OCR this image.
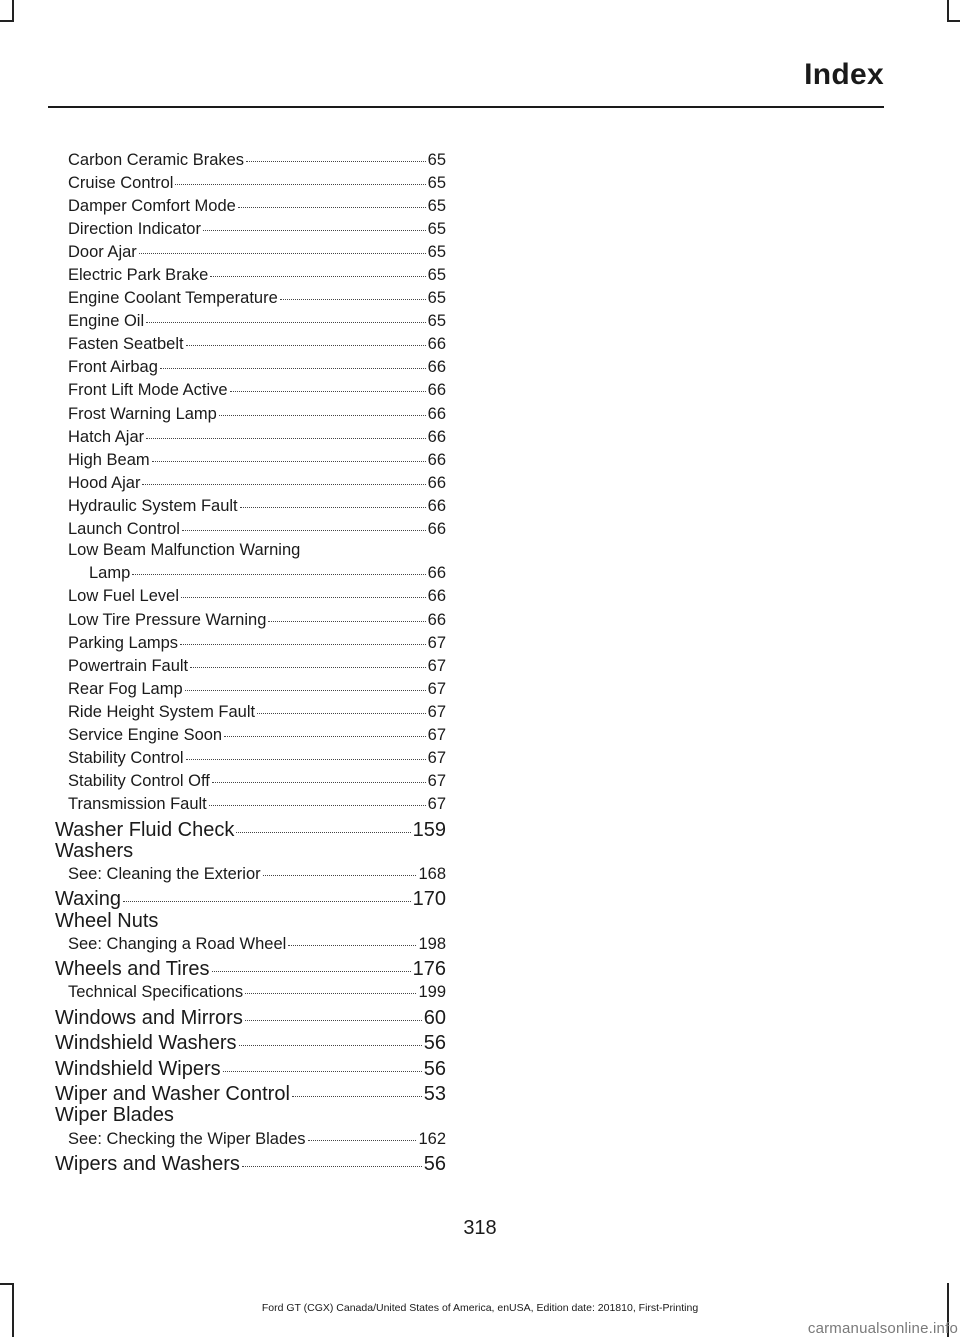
Index
Carbon Ceramic Brakes	65
Cruise Control	65
Damper Comfort Mode	65
Direction Indicator	65
Door Ajar	65
Electric Park Brake	65
Engine Coolant Temperature	65
Engine Oil	65
Fasten Seatbelt	66
Front Airbag	66
Front Lift Mode Active	66
Frost Warning Lamp	66
Hatch Ajar	66
High Beam	66
Hood Ajar	66
Hydraulic System Fault	66
Launch Control	66
Low Beam Malfunction Warning
Lamp	66
Low Fuel Level	66
Low Tire Pressure Warning	66
Parking Lamps	67
Powertrain Fault	67
Rear Fog Lamp	67
Ride Height System Fault	67
Service Engine Soon	67
Stability Control	67
Stability Control Off	67
Transmission Fault	67
Washer Fluid Check	159
Washers
See: Cleaning the Exterior	168
Waxing	170
Wheel Nuts
See: Changing a Road Wheel	198
Wheels and Tires	176
Technical Specifications	199
Windows and Mirrors	60
Windshield Washers	56
Windshield Wipers	56
Wiper and Washer Control	53
Wiper Blades
See: Checking the Wiper Blades	162
Wipers and Washers	56
318
Ford GT (CGX) Canada/United States of America, enUSA, Edition date: 201810, First-Printing
carmanualsonline.info
